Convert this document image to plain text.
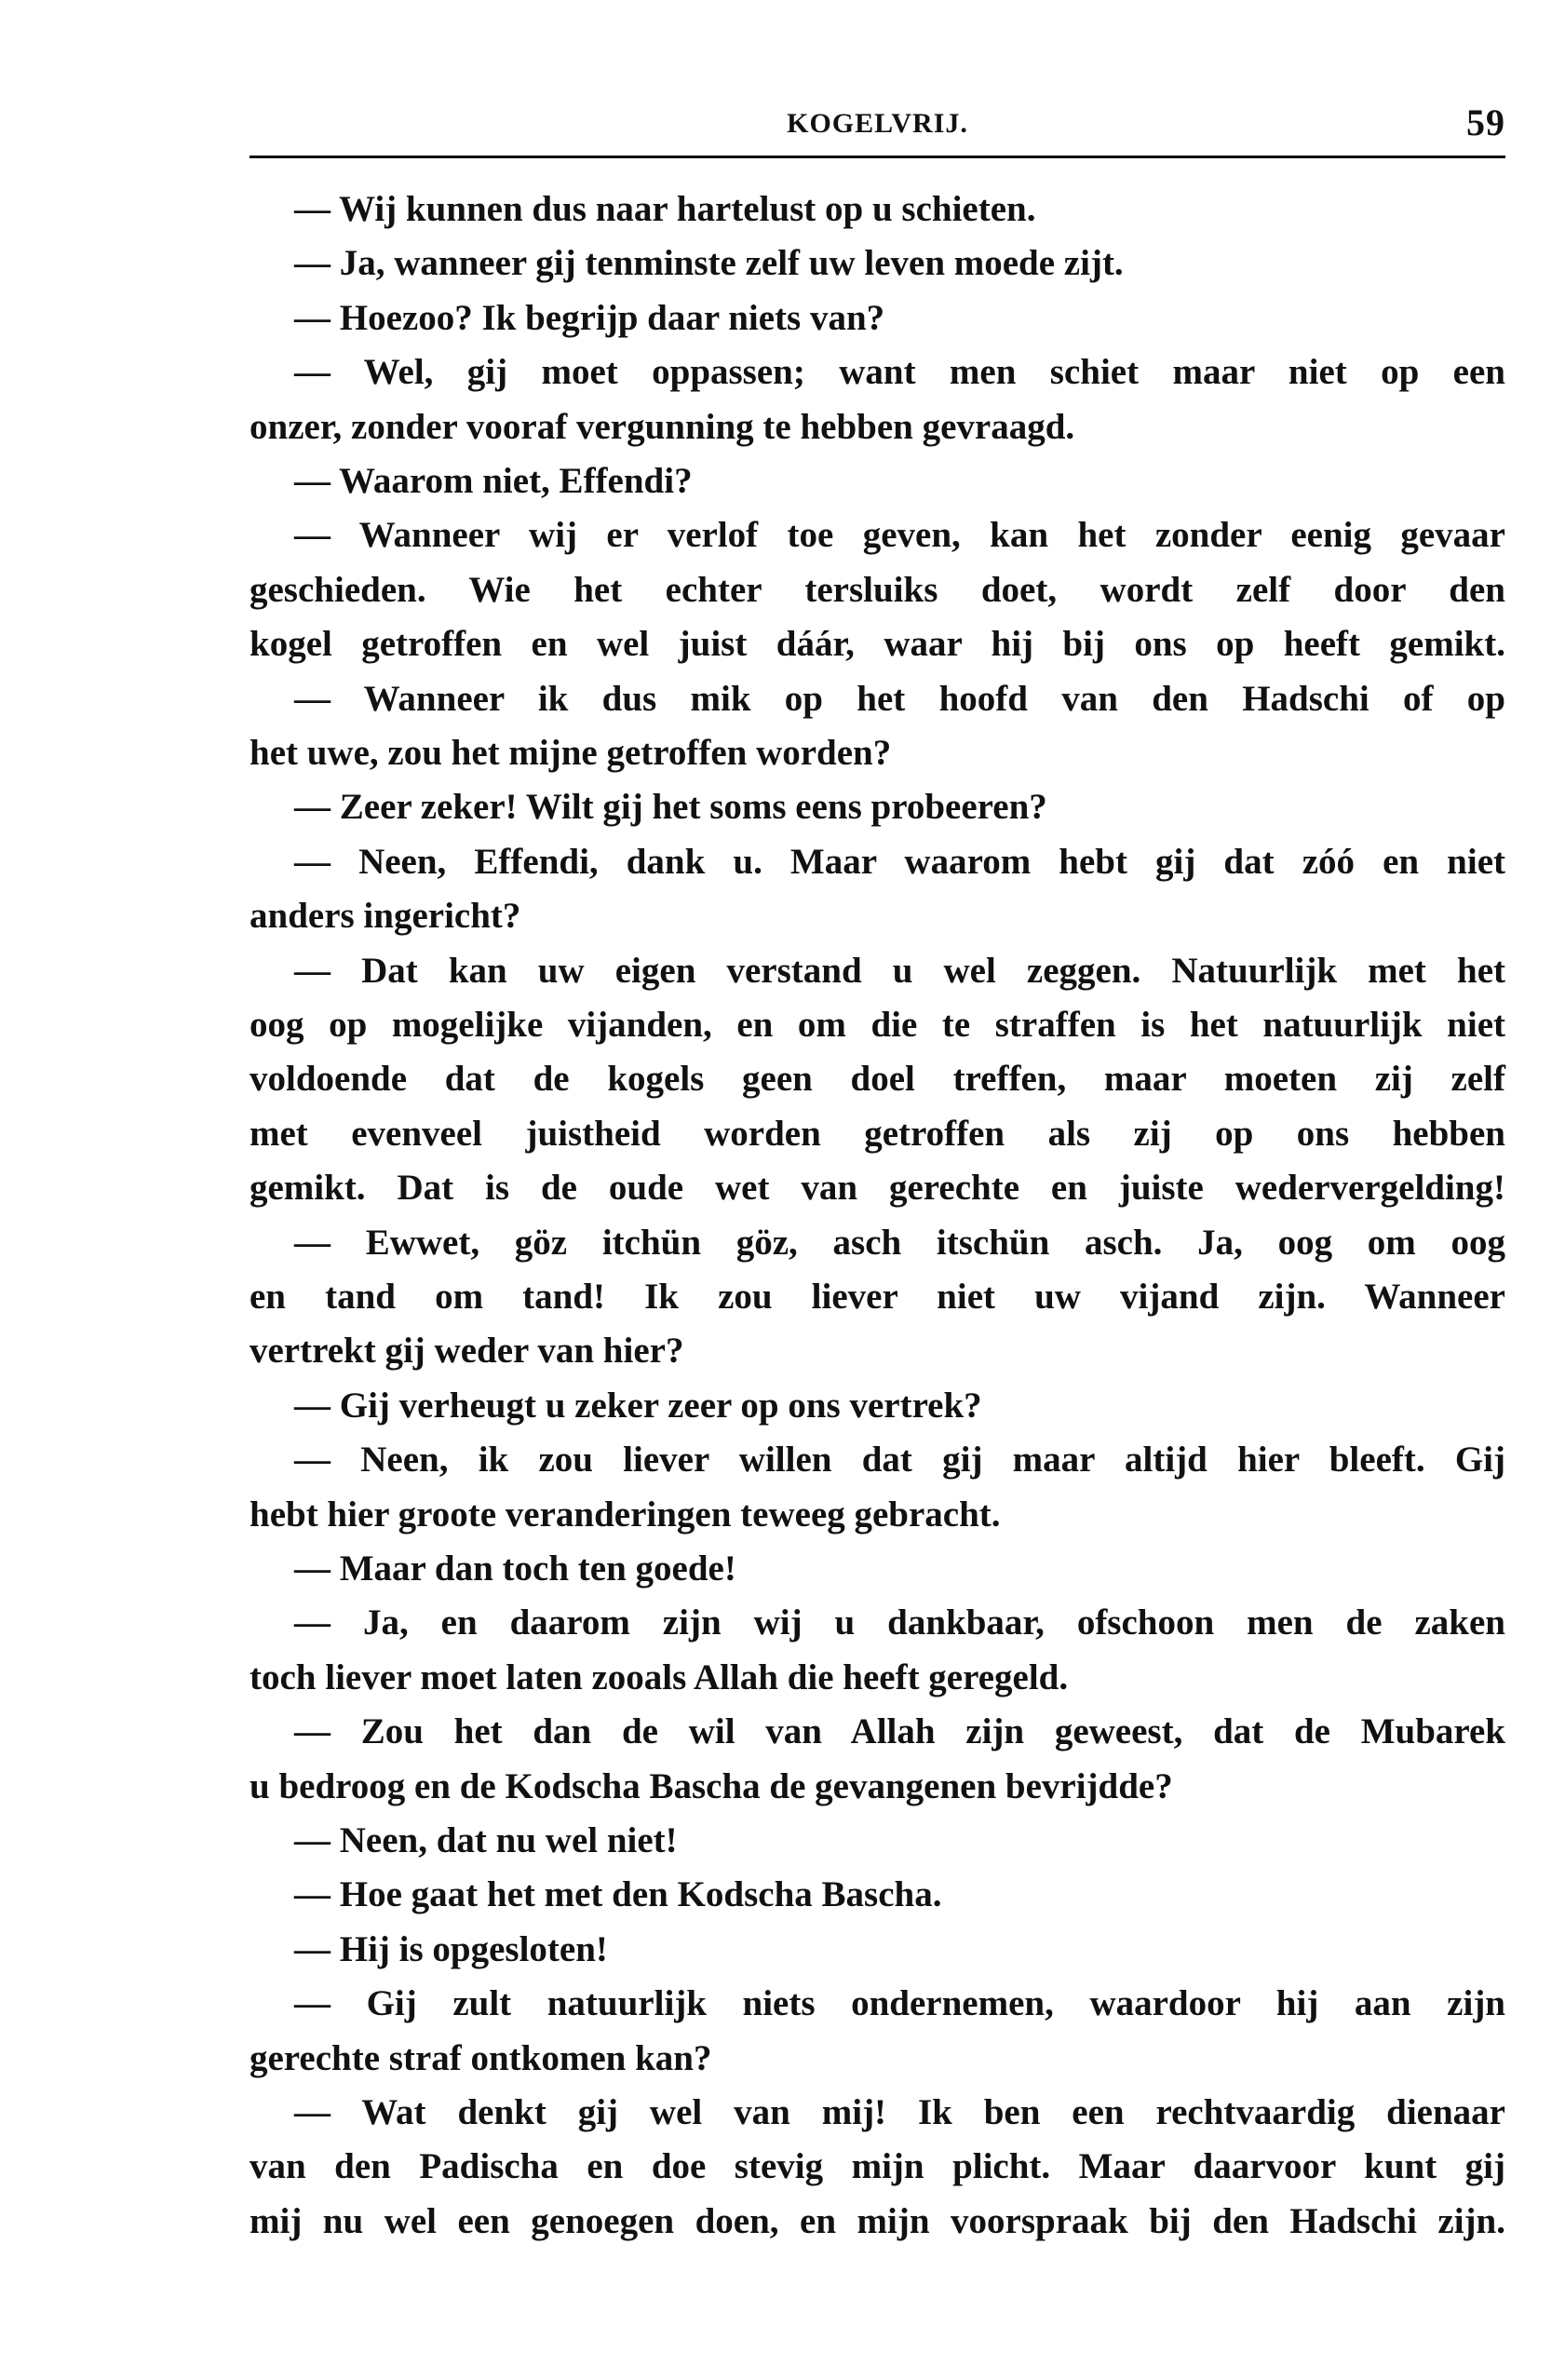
KOGELVRIJ.	59
— Wij kunnen dus naar hartelust op u schieten.
— Ja, wanneer gij tenminste zelf uw leven moede zijt.
— Hoezoo? Ik begrijp daar niets van?
— Wel, gij moet oppassen; want men schiet maar niet op een
onzer, zonder vooraf vergunning te hebben gevraagd.
— Waarom niet, Effendi?
— Wanneer wij er verlof toe geven, kan het zonder eenig gevaar
geschieden. Wie het echter tersluiks doet, wordt zelf door den
kogel getroffen en wel juist dáár, waar hij bij ons op heeft gemikt.
— Wanneer ik dus mik op het hoofd van den Hadschi of op
het uwe, zou het mijne getroffen worden?
— Zeer zeker! Wilt gij het soms eens probeeren?
— Neen, Effendi, dank u. Maar waarom hebt gij dat zóó en niet
anders ingericht?
— Dat kan uw eigen verstand u wel zeggen. Natuurlijk met het
oog op mogelijke vijanden, en om die te straffen is het natuurlijk niet
voldoende dat de kogels geen doel treffen, maar moeten zij zelf
met evenveel juistheid worden getroffen als zij op ons hebben
gemikt. Dat is de oude wet van gerechte en juiste wedervergelding!
— Ewwet, göz itchün göz, asch itschün asch. Ja, oog om oog
en tand om tand! Ik zou liever niet uw vijand zijn. Wanneer
vertrekt gij weder van hier?
— Gij verheugt u zeker zeer op ons vertrek?
— Neen, ik zou liever willen dat gij maar altijd hier bleeft. Gij
hebt hier groote veranderingen teweeg gebracht.
— Maar dan toch ten goede!
— Ja, en daarom zijn wij u dankbaar, ofschoon men de zaken
toch liever moet laten zooals Allah die heeft geregeld.
— Zou het dan de wil van Allah zijn geweest, dat de Mubarek
u bedroog en de Kodscha Bascha de gevangenen bevrijdde?
— Neen, dat nu wel niet!
— Hoe gaat het met den Kodscha Bascha.
— Hij is opgesloten!
— Gij zult natuurlijk niets ondernemen, waardoor hij aan zijn
gerechte straf ontkomen kan?
— Wat denkt gij wel van mij! Ik ben een rechtvaardig dienaar
van den Padischa en doe stevig mijn plicht. Maar daarvoor kunt gij
mij nu wel een genoegen doen, en mijn voorspraak bij den Hadschi zijn.
